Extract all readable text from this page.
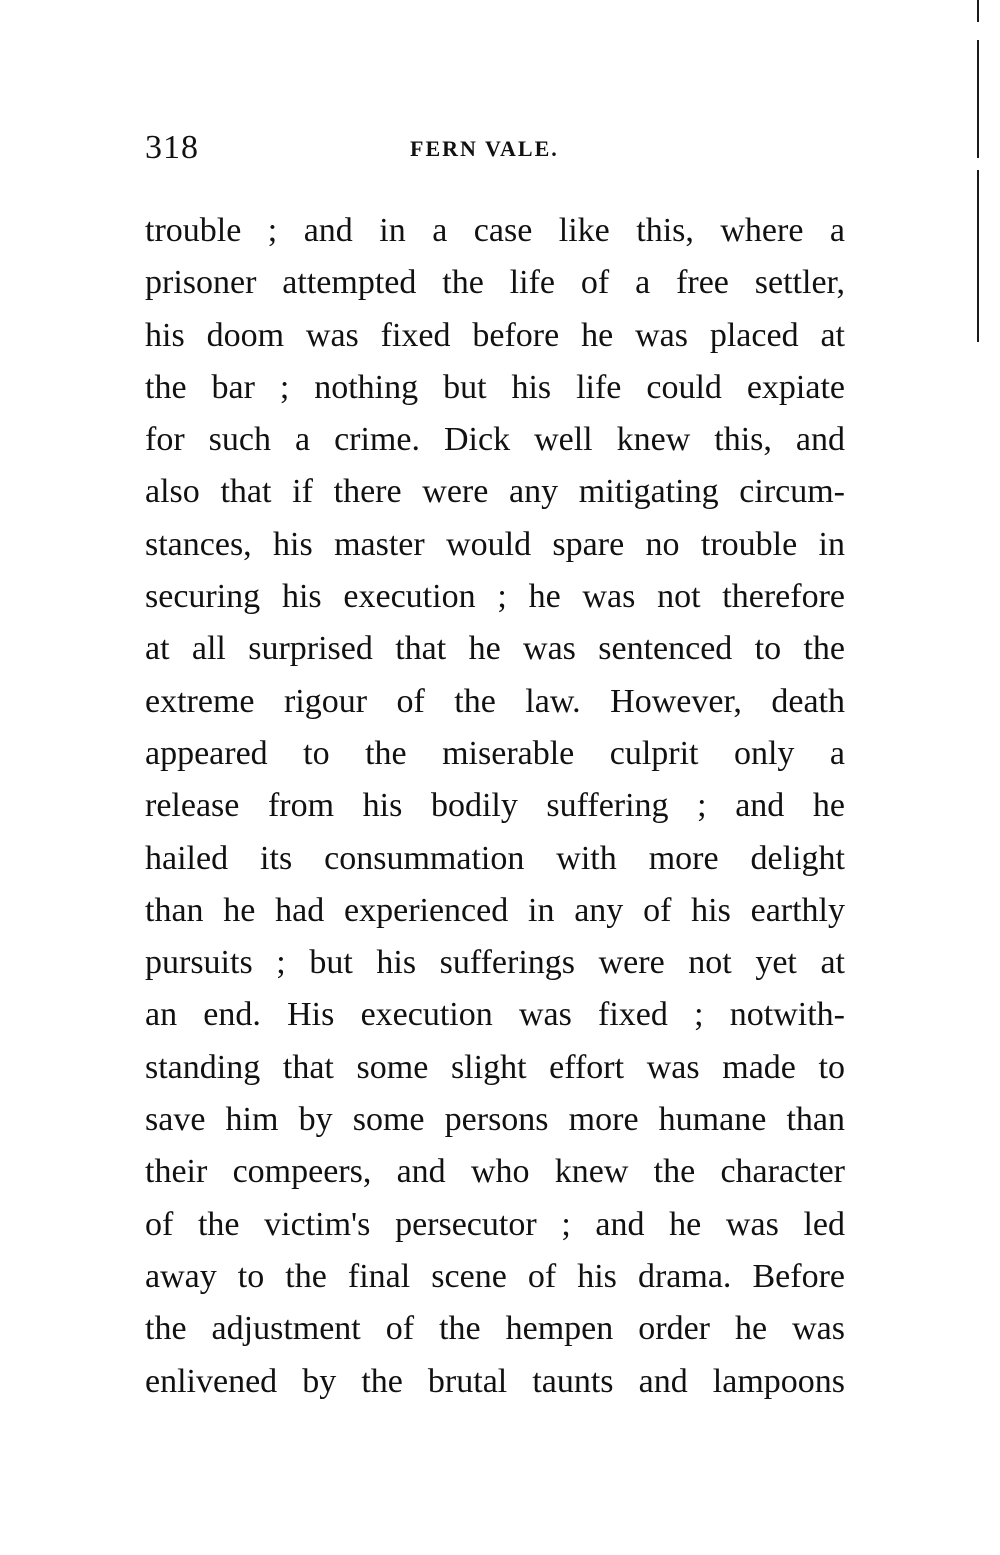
318	FERN VALE.
trouble ; and in a case like this, where a
prisoner attempted the life of a free settler,
his doom was fixed before he was placed at
the bar ; nothing but his life could expiate
for such a crime. Dick well knew this, and
also that if there were any mitigating circum-
stances, his master would spare no trouble in
securing his execution ; he was not therefore
at all surprised that he was sentenced to the
extreme rigour of the law. However, death
appeared to the miserable culprit only a
release from his bodily suffering ; and he
hailed its consummation with more delight
than he had experienced in any of his earthly
pursuits ; but his sufferings were not yet at
an end. His execution was fixed ; notwith-
standing that some slight effort was made to
save him by some persons more humane than
their compeers, and who knew the character
of the victim's persecutor ; and he was led
away to the final scene of his drama. Before
the adjustment of the hempen order he was
enlivened by the brutal taunts and lampoons
